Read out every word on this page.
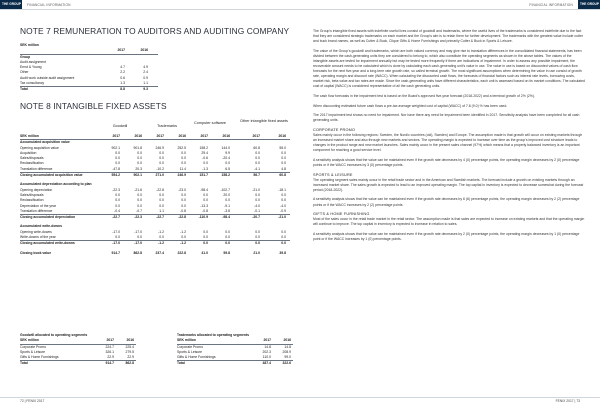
THE GROUP FINANCIAL INFORMATION	FINANCIAL INFORMATION THE GROUP
NOTE 7 REMUNERATION TO AUDITORS AND AUDITING COMPANY
SEK million
2017	2016
Group
Audit assignment
Ernst & Young	4.7	4.9
Other	2.2	2.4
Audit work outside audit assignment	0.6	0.9
Tax consultancy	1.3	1.1
Total	8.8	9.3
NOTE 8 INTANGIBLE FIXED ASSETS
Goodwill	Trademarks
Computer software	Other intangible fixed assets
SEK million	2017	2016	2017	2016	2017	2016	2017	2016
Accumulated acquisition value
Opening acquisition value	902.1	901.8	246.9	252.5	158.2	144.0	60.8	55.0
Acquisition	0.0	0.0	0.0	0.0	29.4	9.9	0.0	0.0
Sales/disposals	0.0	0.0	0.0	0.0	-0.6	-20.4	0.0	0.0
Reclassification	0.0	0.0	0.0	0.0	0.0	0.0	0.0	0.0
Translation difference	-47.8	20.3	-10.2	11.4	-1.3	6.5	-4.1	4.8
Closing accumulated acquisition value	954.2	902.1	271.0	246.9	151.7	158.2	56.7	60.8
Accumulated depreciation according to plan
Opening depreciation	-22.3	-21.6	-22.8	-23.0	-98.4	-102.7	-21.0	-18.1
Sales/disposals	0.0	0.0	0.0	0.0	0.0	20.0	0.0	0.0
Reclassification	0.0	0.0	0.0	0.0	0.0	0.0	0.0	0.0
Depreciation of the year	0.0	0.0	0.0	0.0	-13.3	-9.1	-4.0	-4.0
Translation difference	-0.4	-0.7	1.1	-0.8	-0.8	-3.8	-0.1	-0.9
Closing accumulated depreciation	-22.7	-22.3	-22.7	-22.8	-110.9	-98.4	-20.7	-21.0
Accumulated write-downs
Opening write-downs	-17.0	-17.0	-1.2	-1.2	0.0	0.0	0.0	0.0
Write-downs of the year	0.0	0.0	0.0	0.0	0.0	0.0	0.0	0.0
Closing accumulated write-downs	-17.0	-17.0	-1.2	-1.2	0.0	0.0	0.0	0.0
Closing book value	914.7	862.8	237.4	222.8	41.0	59.8	21.0	39.8
Goodwill allocated to operating segments
SEK million	2017	2016
Corporate Promo	224.7	225.4
Sports & Leisure	326.1	279.5
Gifts & Home Furnishings	22.9	22.9
Total	914.7	862.8
Trademarks allocated to operating segments
SEK million	2017	2016
Corporate Promo	14.8	14.8
Sports & Leisure	202.3	208.9
Gifts & Home Furnishings	110.0	99.0
Total	487.4	322.6

The Group's intangible fixed assets with indefinite useful lives consist of goodwill and trademarks, where the useful lives of the trademarks is considered indefinite due to the fact that they are considered strategic trademarks on each market and the Group's aim is to retain them for further development. The trademarks with the greatest value include cutter and buck brand names, as well as Cutter & Buck, Clique Gifts & Home Furnishings and primarily Cutter & Buck in Sports & Leisure.

The value of the Group's goodwill and trademarks, which are both valued currency and may give rise to translation differences in the consolidated financial statements, has been divided between the cash-generating units they are considered to belong to, which also constitute the operating segments as shown in the above tables. The values of the intangible assets are tested for impairment annually but may be tested more frequently if there are indications of impairment. In order to assess any possible impairment, the recoverable amount needs to be calculated which is done by calculating each cash-generating unit's value in use. The value in use is based on discounted values of cash flow forecasts for the next five-year and a long-term rate growth rate, so called terminal growth. The most significant assumptions when determining the value in use consist of growth rate, operating margin and discount rate (WACC). When calculating the discounted cash flows, the forecasts of financial factors such as interest rate levels, borrowing costs, market risk, beta value and tax rates are made. Since the cash-generating units have different characteristics, each unit is assessed based on its market conditions. The calculated cost of capital (WACC) is considered representative of all the cash generating units.

The cash flow forecasts in the impairment test is based on the Board's approved five-year forecast (2018-2022) and a terminal growth of 2% (2%).

When discounting estimated future cash flows a pre-tax average weighted cost of capital (WACC) of 7.8 (9.0) % has been used.

The 2017 impairment test shows no need for impairment. Nor have there any need for impairment been identified in 2017. Sensitivity analysis have been completed for all cash generating units.

CORPORATE PROMO

Sales mainly occur in the following regions: Sweden, the Nordic countries (old), Sweden) and Europe. The assumption made is that growth will occur on existing markets through an increased market share and also through new markets and sectors. The operating margin is expected to increase over time as the group's improved cost structure leads to changes in the product range and new market launches. Sales mainly occur in the present sales channel (97%) which means that a properly balanced inventory is an important component for reaching a good service level.

A sensitivity analysis shows that the value can be maintained even if the growth rate decreases by 4 (0) percentage points, the operating margin decreases by 2 (0) percentage points or if the WACC increases by 3 (0) percentage points.

SPORTS & LEISURE

The operating segment sales mainly occur in the retail trade sector and in the American and Swedish markets. The forecast include a growth on existing markets through an increased market share. The sales growth is expected to lead to an improved operating margin. The top capital in inventory is expected to decrease somewhat during the forecast period (2018-2022).

A sensitivity analysis shows that the value can be maintained even if the growth rate decreases by 6 (6) percentage points, the operating margin decreases by 2 (2) percentage points or if the WACC increases by 2 (2) percentage points.

GIFTS & HOME FURNISHING

Most of the sales occur in the retail trade market in the retail sector. The assumption made is that sales are expected to increase on existing markets and that the operating margin will continue to improve. The top capital in inventory is expected to increase in relation to sales.

A sensitivity analysis shows that the value can be maintained even if the growth rate decreases by 2 (0) percentage points, the operating margin decreases by 1 (0) percentage point or if the WACC increases by 1 (0) percentage points.

72 | FENIX 2017	FENIX 2017 | 73
